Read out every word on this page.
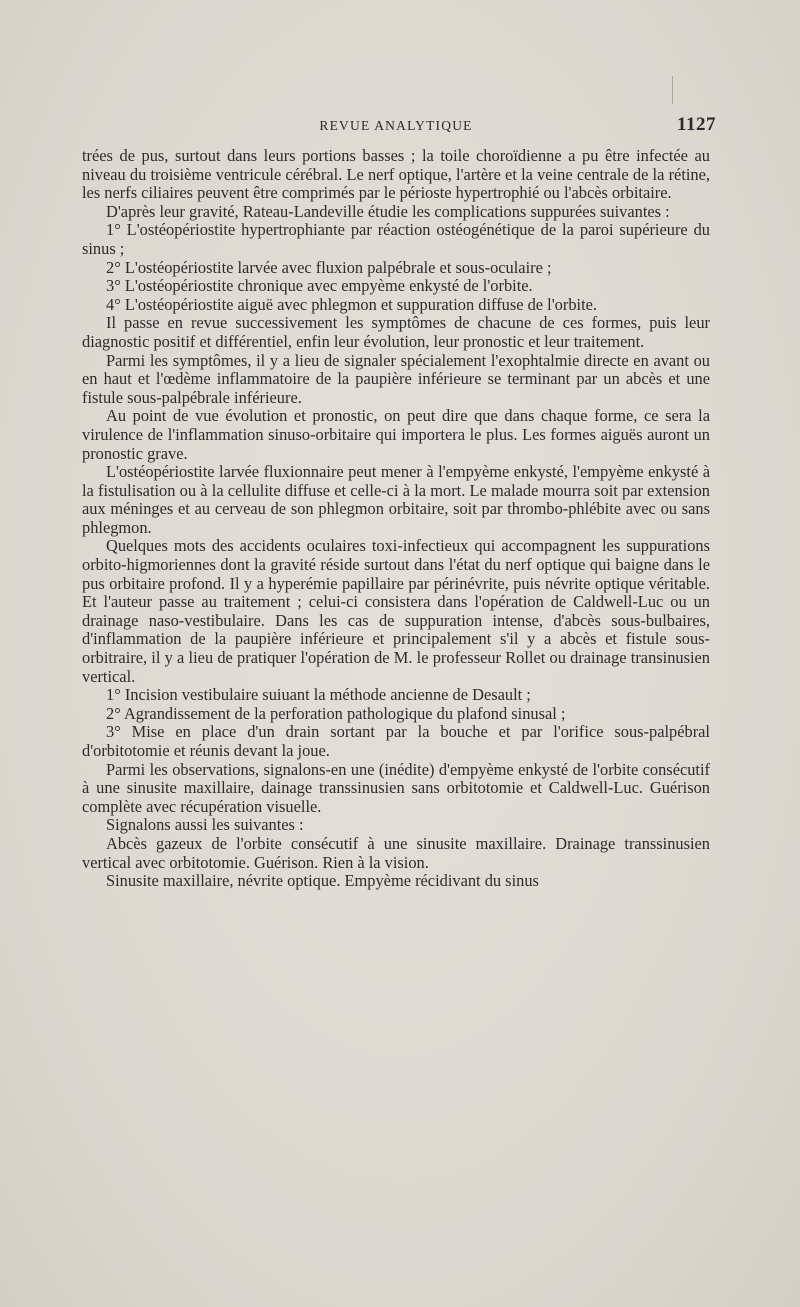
REVUE ANALYTIQUE	1127

trées de pus, surtout dans leurs portions basses ; la toile choroïdienne a pu être infectée au niveau du troisième ventricule cérébral. Le nerf optique, l'artère et la veine centrale de la rétine, les nerfs ciliaires peuvent être comprimés par le périoste hypertrophié ou l'abcès orbitaire.

D'après leur gravité, Rateau-Landeville étudie les complications suppurées suivantes :

1° L'ostéopériostite hypertrophiante par réaction ostéogénétique de la paroi supérieure du sinus ;

2° L'ostéopériostite larvée avec fluxion palpébrale et sous-oculaire ;

3° L'ostéopériostite chronique avec empyème enkysté de l'orbite.

4° L'ostéopériostite aiguë avec phlegmon et suppuration diffuse de l'orbite.

Il passe en revue successivement les symptômes de chacune de ces formes, puis leur diagnostic positif et différentiel, enfin leur évolution, leur pronostic et leur traitement.

Parmi les symptômes, il y a lieu de signaler spécialement l'exophtalmie directe en avant ou en haut et l'œdème inflammatoire de la paupière inférieure se terminant par un abcès et une fistule sous-palpébrale inférieure.

Au point de vue évolution et pronostic, on peut dire que dans chaque forme, ce sera la virulence de l'inflammation sinuso-orbitaire qui importera le plus. Les formes aiguës auront un pronostic grave.

L'ostéopériostite larvée fluxionnaire peut mener à l'empyème enkysté, l'empyème enkysté à la fistulisation ou à la cellulite diffuse et celle-ci à la mort. Le malade mourra soit par extension aux méninges et au cerveau de son phlegmon orbitaire, soit par thrombo-phlébite avec ou sans phlegmon.

Quelques mots des accidents oculaires toxi-infectieux qui accompagnent les suppurations orbito-higmoriennes dont la gravité réside surtout dans l'état du nerf optique qui baigne dans le pus orbitaire profond. Il y a hyperémie papillaire par périnévrite, puis névrite optique véritable. Et l'auteur passe au traitement ; celui-ci consistera dans l'opération de Caldwell-Luc ou un drainage naso-vestibulaire. Dans les cas de suppuration intense, d'abcès sous-bulbaires, d'inflammation de la paupière inférieure et principalement s'il y a abcès et fistule sous-orbitraire, il y a lieu de pratiquer l'opération de M. le professeur Rollet ou drainage transinusien vertical.

1° Incision vestibulaire suiuant la méthode ancienne de Desault ;

2° Agrandissement de la perforation pathologique du plafond sinusal ;

3° Mise en place d'un drain sortant par la bouche et par l'orifice sous-palpébral d'orbitotomie et réunis devant la joue.

Parmi les observations, signalons-en une (inédite) d'empyème enkysté de l'orbite consécutif à une sinusite maxillaire, dainage transsinusien sans orbitotomie et Caldwell-Luc. Guérison complète avec récupération visuelle.

Signalons aussi les suivantes :

Abcès gazeux de l'orbite consécutif à une sinusite maxillaire. Drainage transsinusien vertical avec orbitotomie. Guérison. Rien à la vision.

Sinusite maxillaire, névrite optique. Empyème récidivant du sinus
